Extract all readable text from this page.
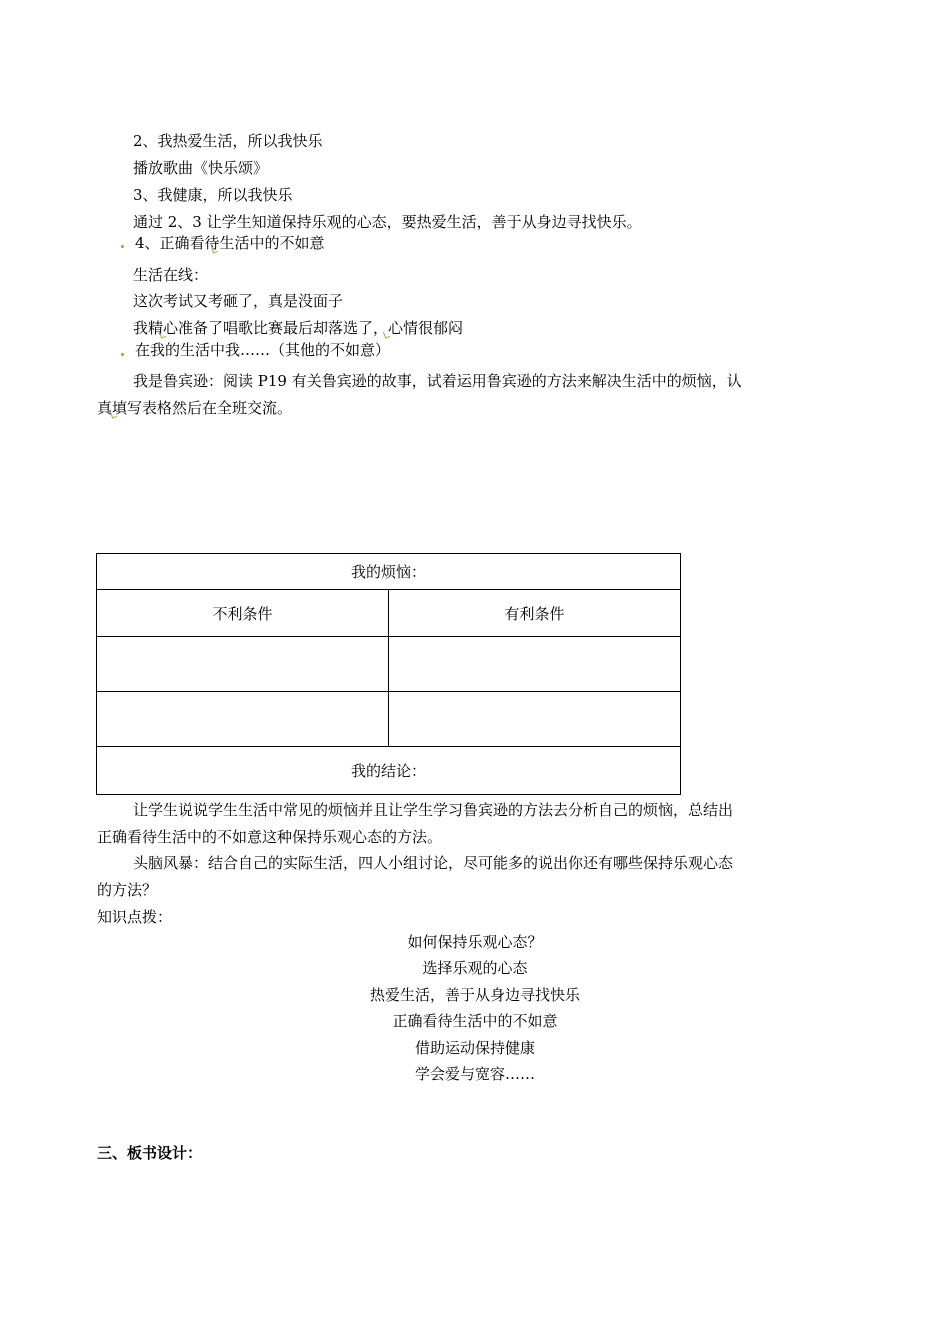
2、我热爱生活，所以我快乐
播放歌曲《快乐颂》
3、我健康，所以我快乐
通过 2、3 让学生知道保持乐观的心态，要热爱生活，善于从身边寻找快乐。
4、正确看待生活中的不如意
生活在线：
这次考试又考砸了，真是没面子
我精心准备了唱歌比赛最后却落选了，心情很郁闷
在我的生活中我……（其他的不如意）
我是鲁宾逊：阅读 P19 有关鲁宾逊的故事，试着运用鲁宾逊的方法来解决生活中的烦恼，认
真填写表格然后在全班交流。
我的烦恼：	
不利条件	有利条件

我的结论：	
让学生说说学生生活中常见的烦恼并且让学生学习鲁宾逊的方法去分析自己的烦恼，总结出
正确看待生活中的不如意这种保持乐观心态的方法。
头脑风暴：结合自己的实际生活，四人小组讨论，尽可能多的说出你还有哪些保持乐观心态
的方法？
知识点拨：
如何保持乐观心态？
选择乐观的心态
热爱生活，善于从身边寻找快乐
正确看待生活中的不如意
借助运动保持健康
学会爱与宽容……
三、板书设计：
